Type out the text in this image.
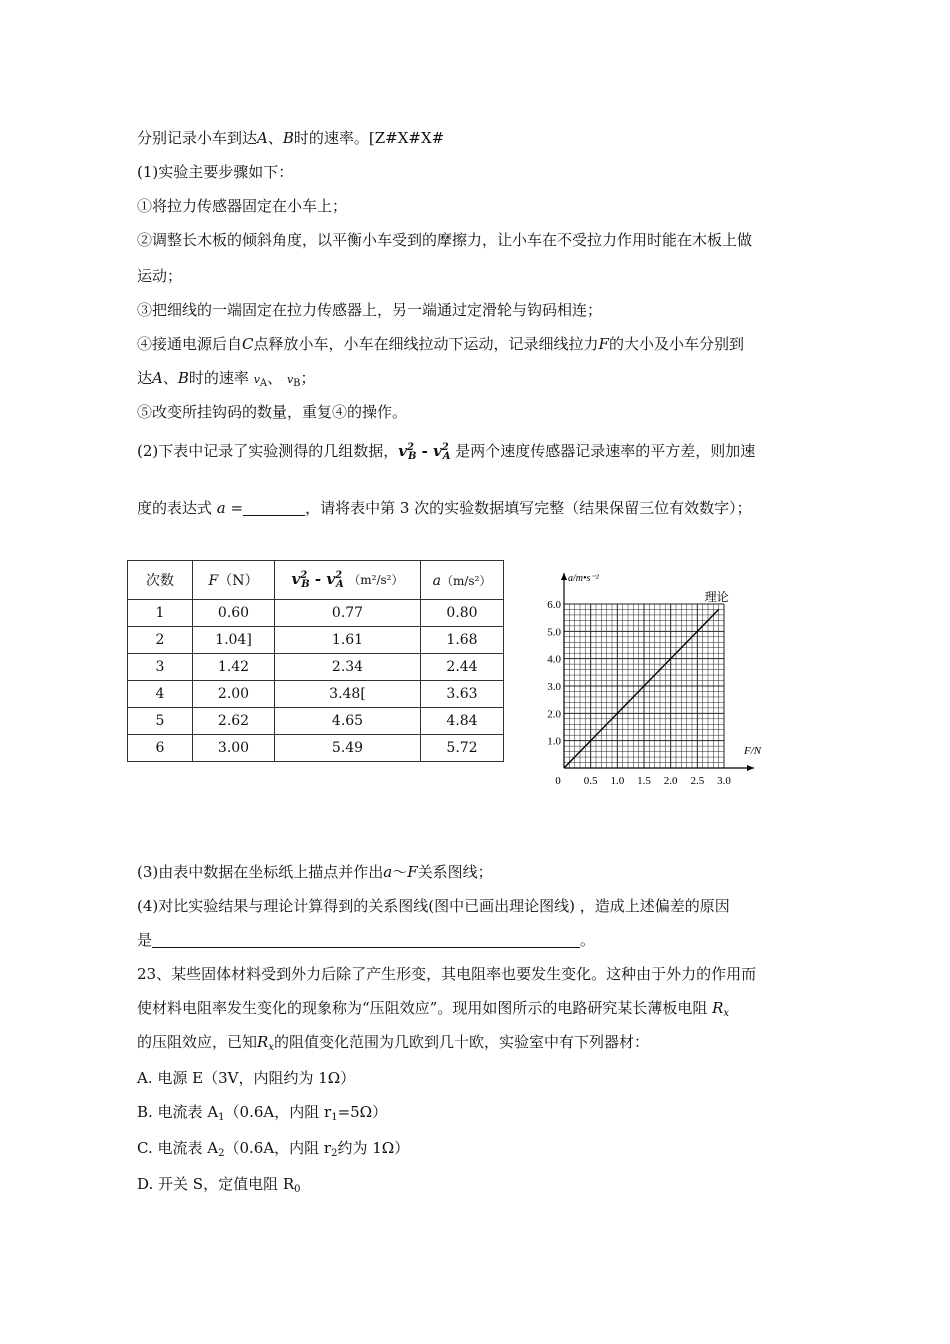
分别记录小车到达A、B时的速率。[Z#X#X#
(1)实验主要步骤如下：
①将拉力传感器固定在小车上；
②调整长木板的倾斜角度，以平衡小车受到的摩擦力，让小车在不受拉力作用时能在木板上做
运动；
③把细线的一端固定在拉力传感器上，另一端通过定滑轮与钩码相连；
④接通电源后自C点释放小车，小车在细线拉动下运动，记录细线拉力F的大小及小车分别到
达A、B时的速率 $v_A$、 $v_B$；
⑤改变所挂钩码的数量，重复④的操作。
(2)下表中记录了实验测得的几组数据，$v^2_B - v^2_A$ 是两个速度传感器记录速率的平方差，则加速
度的表达式 a =	，请将表中第 3 次的实验数据填写完整（结果保留三位有效数字）；
次数	F（N）	$v^2_B - v^2_A$ （m²/s²）	a（m/s²）
1	0.60	0.77	0.80
2	1.04]	1.61	1.68
3	1.42	2.34	2.44
4	2.00	3.48[	3.63
5	2.62	4.65	4.84
6	3.00	5.49	5.72
0 0.5 1.0 1.5 2.0 2.5 3.0
1.0
2.0
3.0
4.0
5.0
6.0
a/m•s⁻²
F/N
理论
(3)由表中数据在坐标纸上描点并作出a～F关系图线；
(4)对比实验结果与理论计算得到的关系图线(图中已画出理论图线) ，造成上述偏差的原因
是	。
23、某些固体材料受到外力后除了产生形变，其电阻率也要发生变化。这种由于外力的作用而
使材料电阻率发生变化的现象称为“压阻效应”。现用如图所示的电路研究某长薄板电阻 $R_x$
的压阻效应，已知$R_x$的阻值变化范围为几欧到几十欧，实验室中有下列器材：
A. 电源 E（3V，内阻约为 1Ω）
B. 电流表 $A_1(0.6A$，内阻 $r_1=5\Omega$）
C. 电流表 $A_2(0.6A$，内阻 $r_2$约为 1Ω）
D. 开关 S，定值电阻 $R_0$
